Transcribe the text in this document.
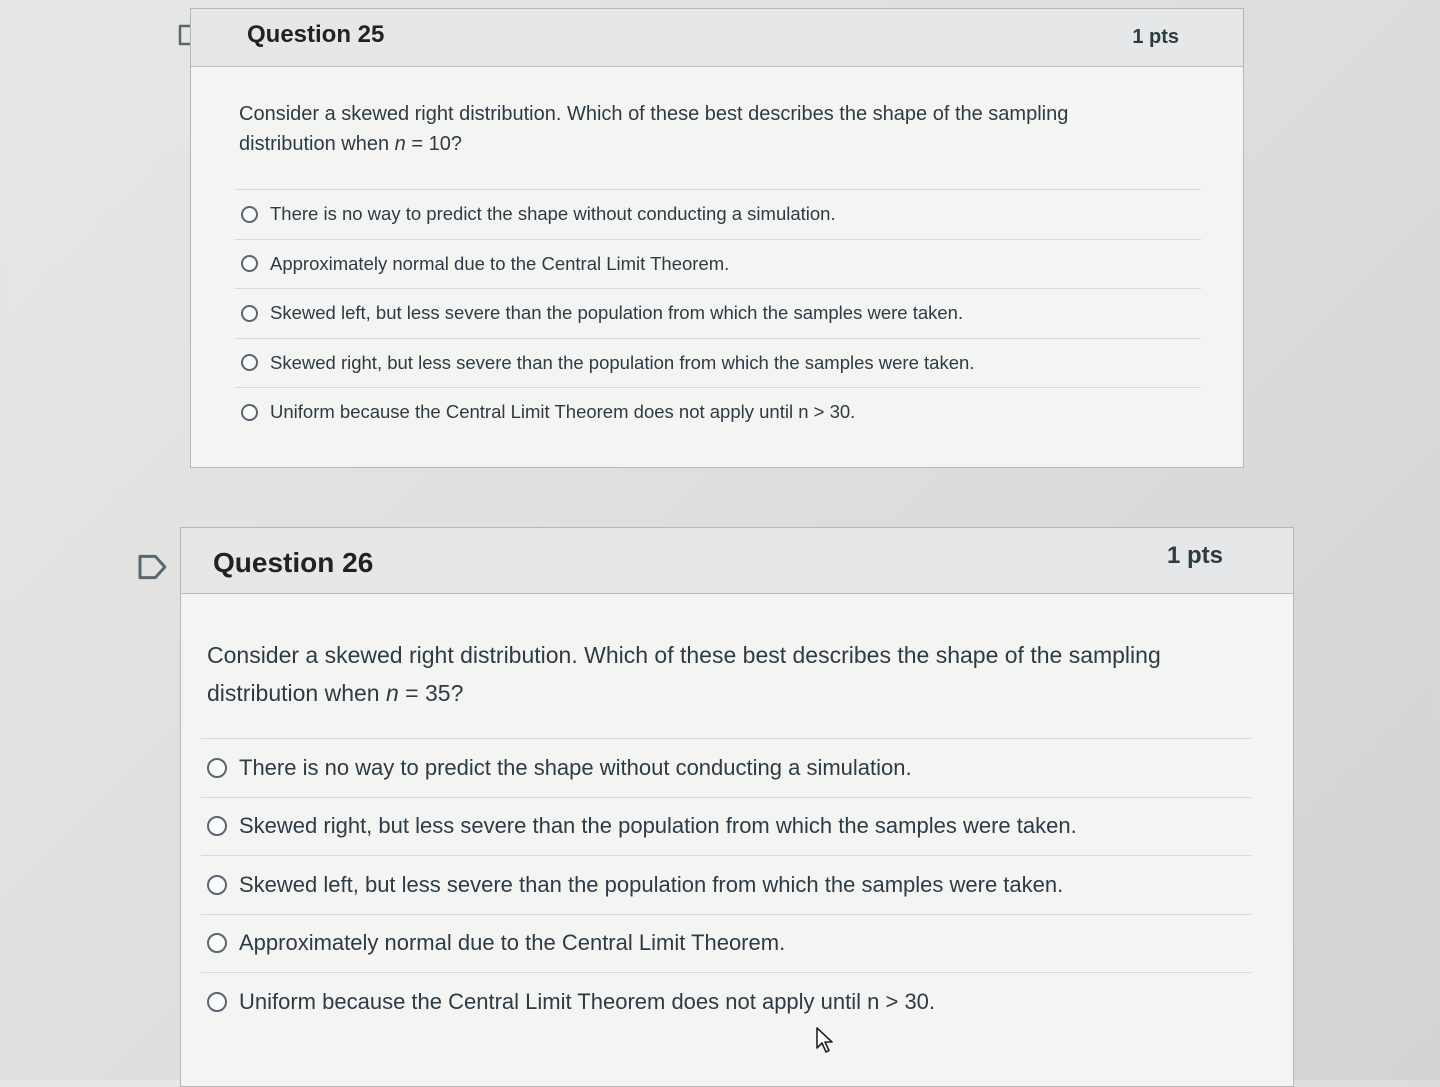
Question 25	1 pts
Consider a skewed right distribution. Which of these best describes the shape of the sampling distribution when n = 10?
There is no way to predict the shape without conducting a simulation.
Approximately normal due to the Central Limit Theorem.
Skewed left, but less severe than the population from which the samples were taken.
Skewed right, but less severe than the population from which the samples were taken.
Uniform because the Central Limit Theorem does not apply until n > 30.
Question 26	1 pts
Consider a skewed right distribution. Which of these best describes the shape of the sampling distribution when n = 35?
There is no way to predict the shape without conducting a simulation.
Skewed right, but less severe than the population from which the samples were taken.
Skewed left, but less severe than the population from which the samples were taken.
Approximately normal due to the Central Limit Theorem.
Uniform because the Central Limit Theorem does not apply until n > 30.
